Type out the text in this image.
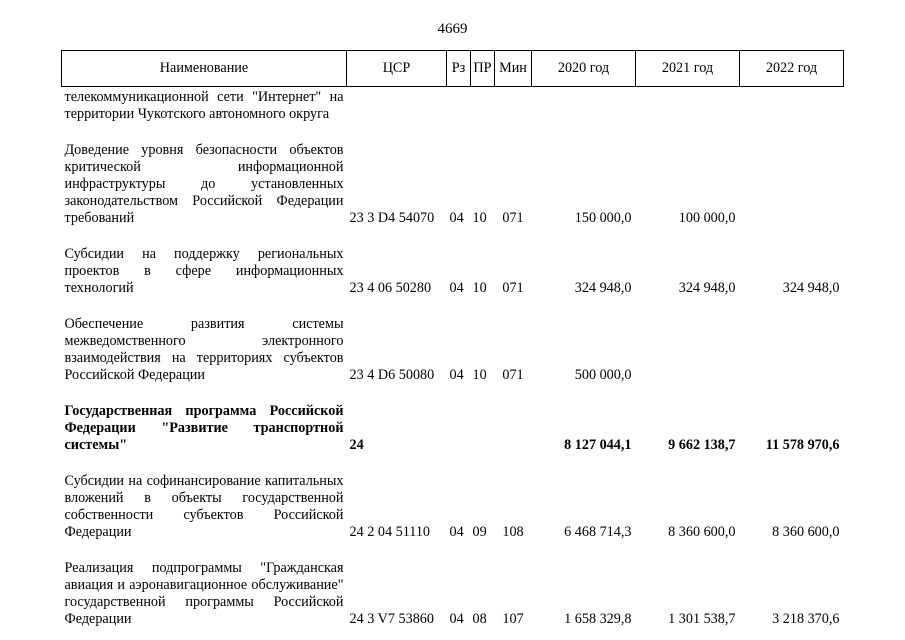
4669
Наименование	ЦСР	Рз	ПР	Мин	2020 год	2021 год	2022 год
телекоммуникационной сети "Интернет" на территории Чукотского автономного округа							
Доведение уровня безопасности объектов критической информационной инфраструктуры до установленных законодательством Российской Федерации требований	23 3 D4 54070	04	10	071	150 000,0	100 000,0	
Субсидии на поддержку региональных проектов в сфере информационных технологий	23 4 06 50280	04	10	071	324 948,0	324 948,0	324 948,0
Обеспечение развития системы межведомственного электронного взаимодействия на территориях субъектов Российской Федерации	23 4 D6 50080	04	10	071	500 000,0		
Государственная программа Российской Федерации "Развитие транспортной системы"	24				8 127 044,1	9 662 138,7	11 578 970,6
Субсидии на софинансирование капитальных вложений в объекты государственной собственности субъектов Российской Федерации	24 2 04 51110	04	09	108	6 468 714,3	8 360 600,0	8 360 600,0
Реализация подпрограммы "Гражданская авиация и аэронавигационное обслуживание" государственной программы Российской Федерации	24 3 V7 53860	04	08	107	1 658 329,8	1 301 538,7	3 218 370,6
